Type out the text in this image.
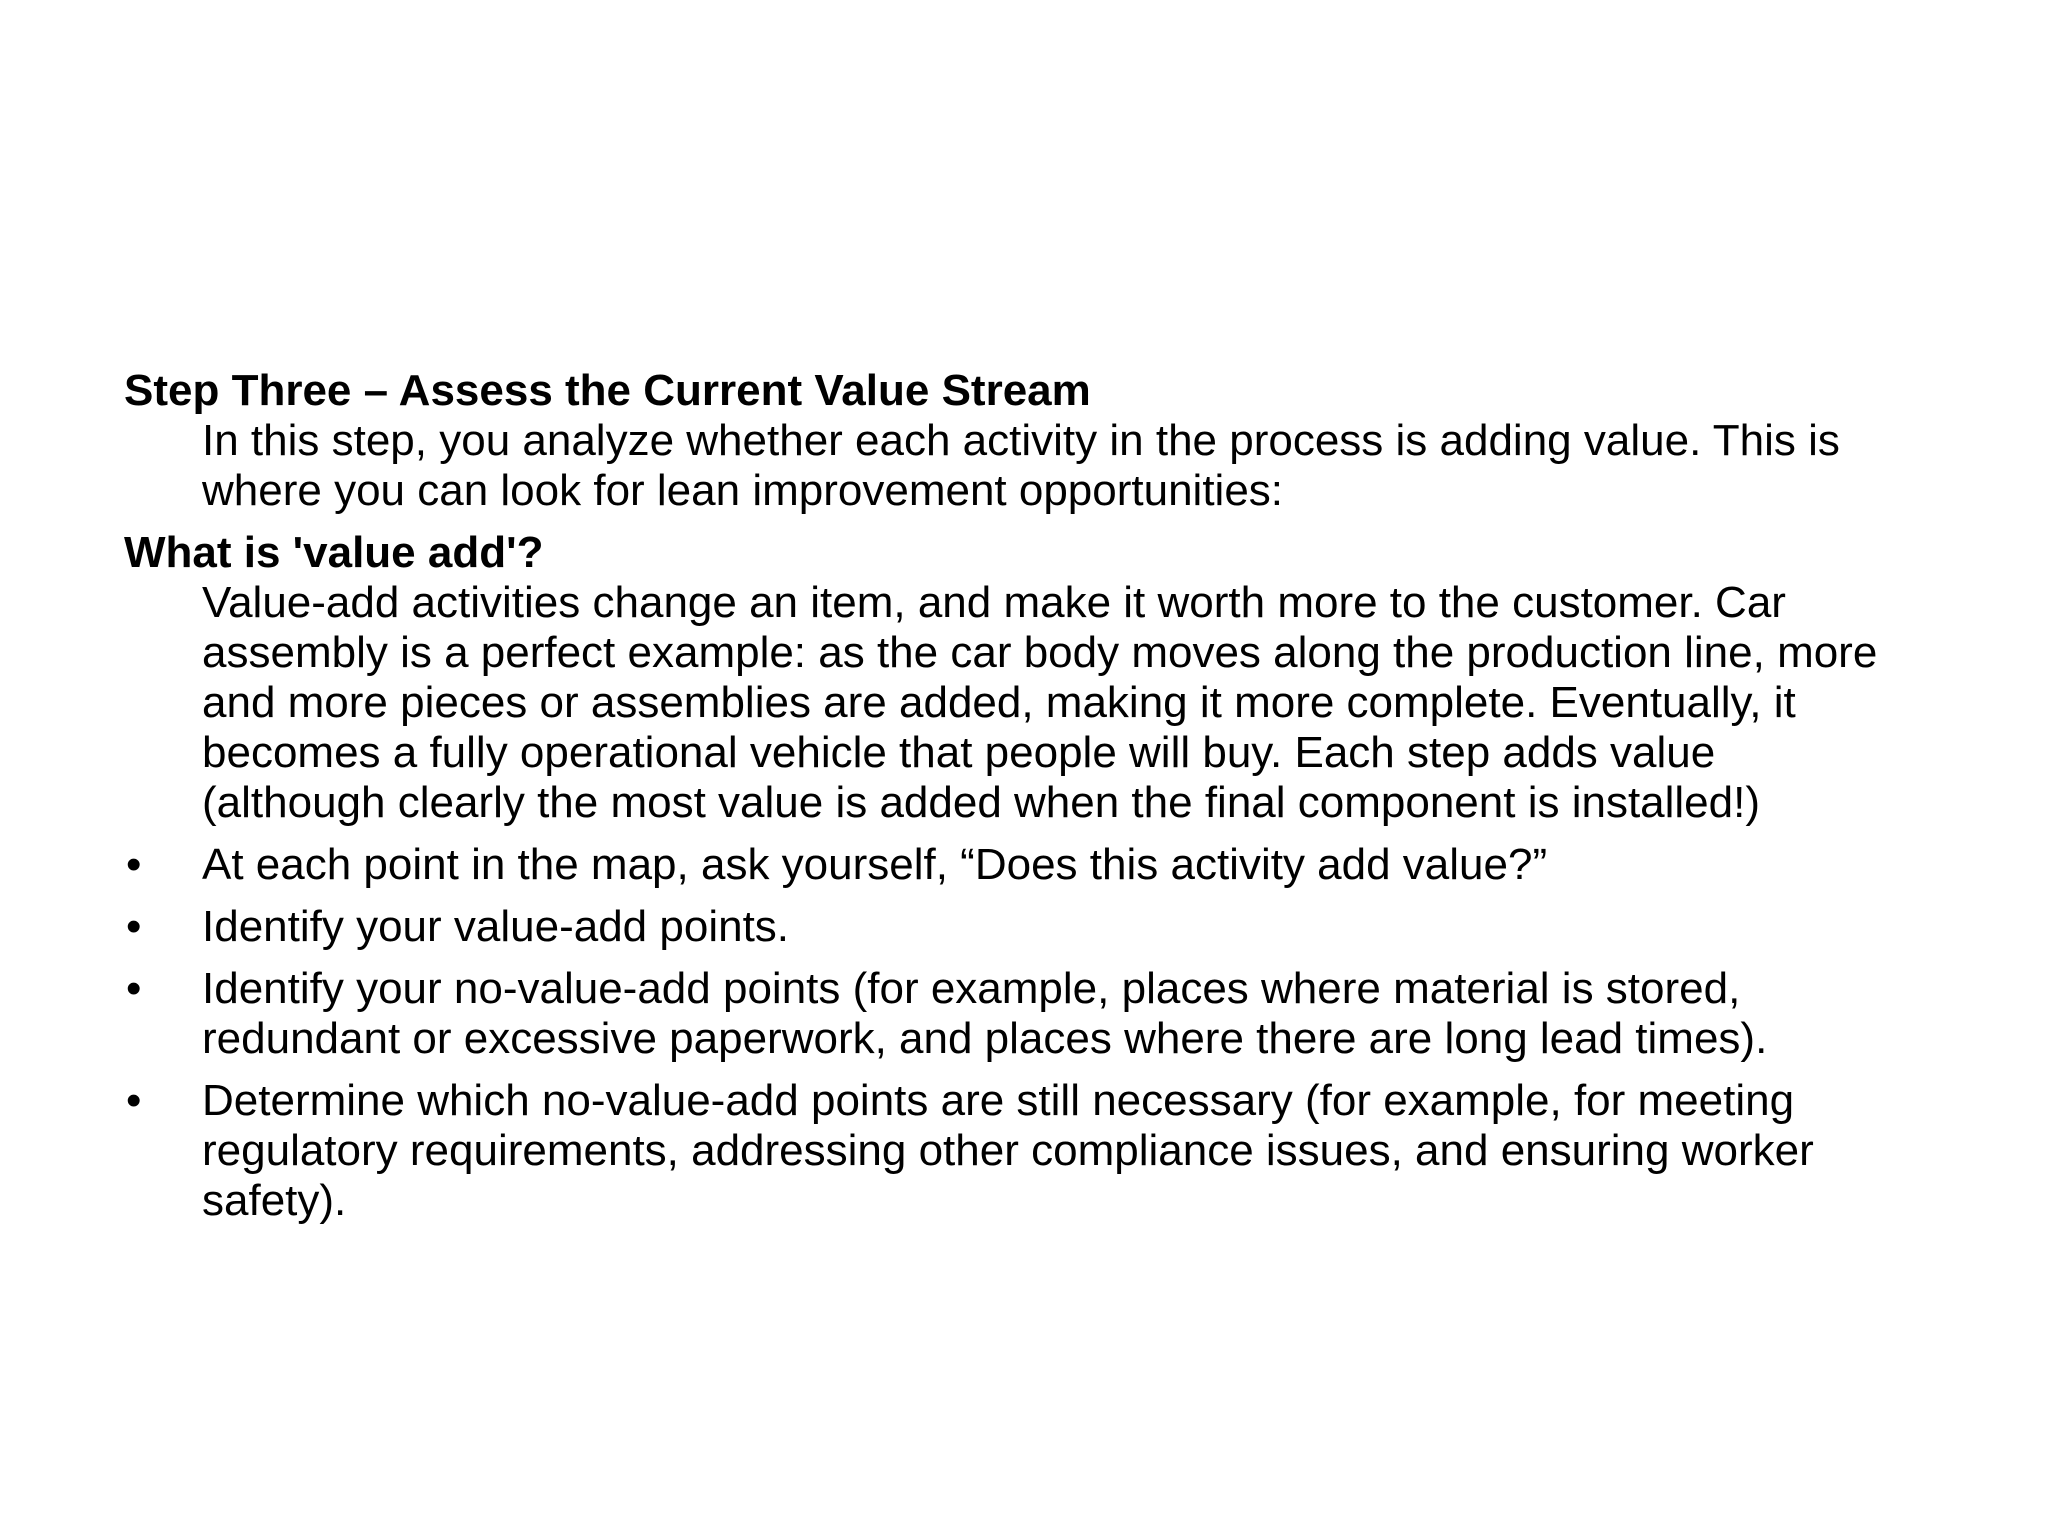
Step Three – Assess the Current Value Stream
In this step, you analyze whether each activity in the process is adding value. This is where you can look for lean improvement opportunities:
What is 'value add'?
Value-add activities change an item, and make it worth more to the customer. Car assembly is a perfect example: as the car body moves along the production line, more and more pieces or assemblies are added, making it more complete. Eventually, it becomes a fully operational vehicle that people will buy. Each step adds value (although clearly the most value is added when the final component is installed!)
•	At each point in the map, ask yourself, “Does this activity add value?”
•	Identify your value-add points.
•	Identify your no-value-add points (for example, places where material is stored, redundant or excessive paperwork, and places where there are long lead times).
•	Determine which no-value-add points are still necessary (for example, for meeting regulatory requirements, addressing other compliance issues, and ensuring worker safety).
